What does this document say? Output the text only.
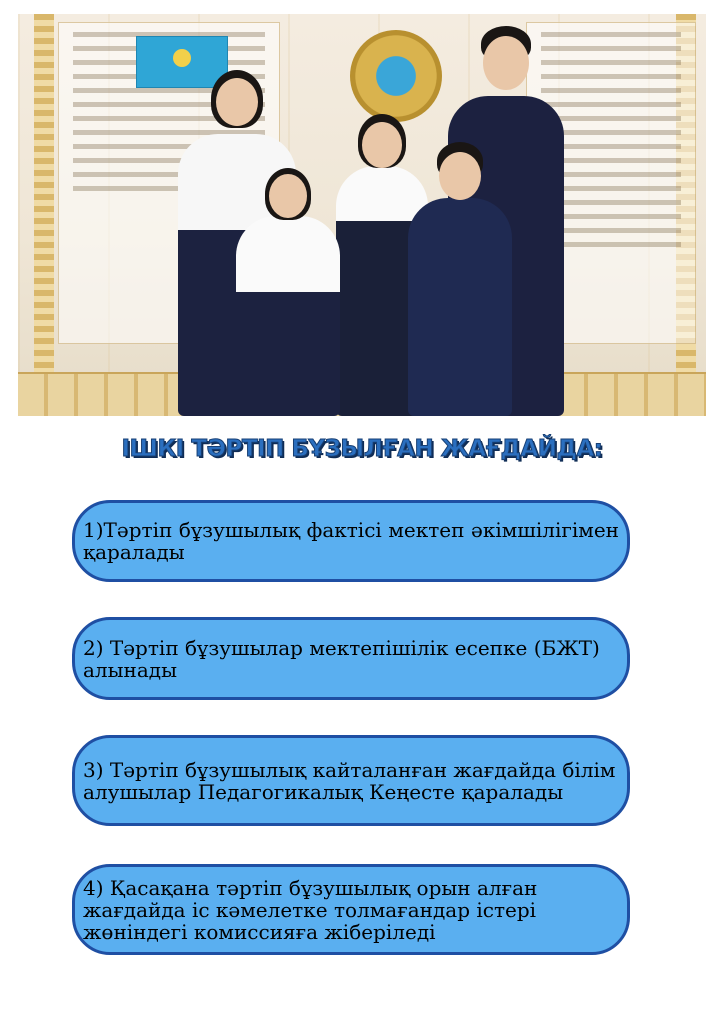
ІШКІ ТӘРТІП БҰЗЫЛҒАН ЖАҒДАЙДА:

1)Тәртіп бұзушылық фактісі мектеп әкімшілігімен қаралады

2) Тәртіп бұзушылар мектепішілік есепке (БЖТ) алынады

3) Тәртіп бұзушылық кайталанған жағдайда білім алушылар Педагогикалық Кеңесте қаралады

4) Қасақана тәртіп бұзушылық орын алған жағдайда іс кәмелетке толмағандар істері жөніндегі комиссияға жіберіледі
